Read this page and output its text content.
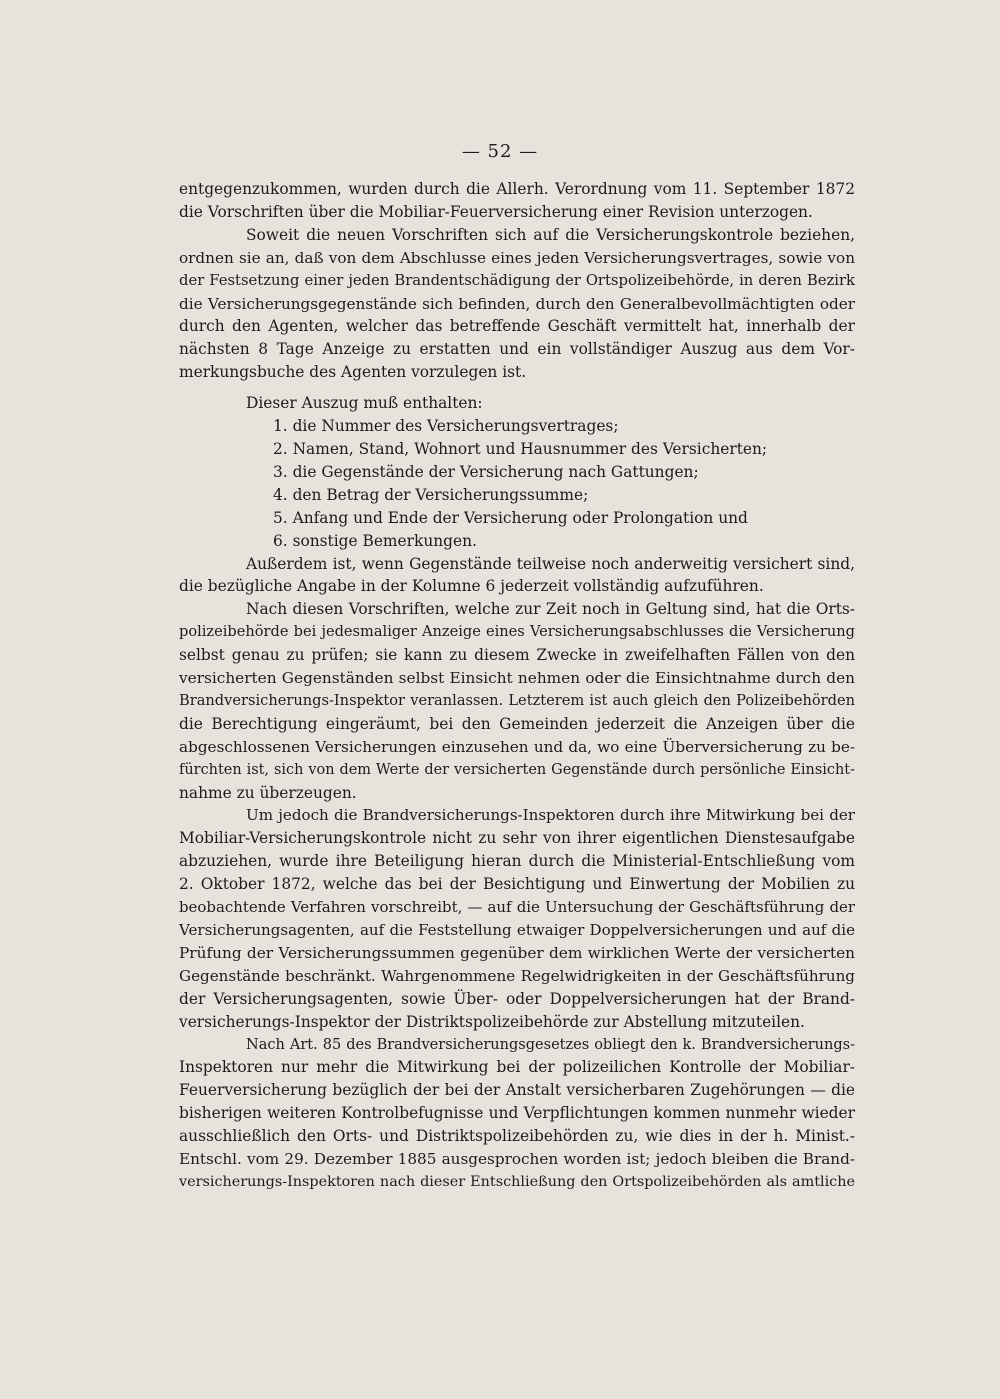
— 52 —
entgegenzukommen, wurden durch die Allerh. Verordnung vom 11. September 1872
die Vorschriften über die Mobiliar-Feuerversicherung einer Revision unterzogen.
Soweit die neuen Vorschriften sich auf die Versicherungskontrole beziehen,
ordnen sie an, daß von dem Abschlusse eines jeden Versicherungsvertrages, sowie von
der Festsetzung einer jeden Brandentschädigung der Ortspolizeibehörde, in deren Bezirk
die Versicherungsgegenstände sich befinden, durch den Generalbevollmächtigten oder
durch den Agenten, welcher das betreffende Geschäft vermittelt hat, innerhalb der
nächsten 8 Tage Anzeige zu erstatten und ein vollständiger Auszug aus dem Vor-
merkungsbuche des Agenten vorzulegen ist.
Dieser Auszug muß enthalten:
1. die Nummer des Versicherungsvertrages;
2. Namen, Stand, Wohnort und Hausnummer des Versicherten;
3. die Gegenstände der Versicherung nach Gattungen;
4. den Betrag der Versicherungssumme;
5. Anfang und Ende der Versicherung oder Prolongation und
6. sonstige Bemerkungen.
Außerdem ist, wenn Gegenstände teilweise noch anderweitig versichert sind,
die bezügliche Angabe in der Kolumne 6 jederzeit vollständig aufzuführen.
Nach diesen Vorschriften, welche zur Zeit noch in Geltung sind, hat die Orts-
polizeibehörde bei jedesmaliger Anzeige eines Versicherungsabschlusses die Versicherung
selbst genau zu prüfen; sie kann zu diesem Zwecke in zweifelhaften Fällen von den
versicherten Gegenständen selbst Einsicht nehmen oder die Einsichtnahme durch den
Brandversicherungs-Inspektor veranlassen. Letzterem ist auch gleich den Polizeibehörden
die Berechtigung eingeräumt, bei den Gemeinden jederzeit die Anzeigen über die
abgeschlossenen Versicherungen einzusehen und da, wo eine Überversicherung zu be-
fürchten ist, sich von dem Werte der versicherten Gegenstände durch persönliche Einsicht-
nahme zu überzeugen.
Um jedoch die Brandversicherungs-Inspektoren durch ihre Mitwirkung bei der
Mobiliar-Versicherungskontrole nicht zu sehr von ihrer eigentlichen Dienstesaufgabe
abzuziehen, wurde ihre Beteiligung hieran durch die Ministerial-Entschließung vom
2. Oktober 1872, welche das bei der Besichtigung und Einwertung der Mobilien zu
beobachtende Verfahren vorschreibt, — auf die Untersuchung der Geschäftsführung der
Versicherungsagenten, auf die Feststellung etwaiger Doppelversicherungen und auf die
Prüfung der Versicherungssummen gegenüber dem wirklichen Werte der versicherten
Gegenstände beschränkt. Wahrgenommene Regelwidrigkeiten in der Geschäftsführung
der Versicherungsagenten, sowie Über- oder Doppelversicherungen hat der Brand-
versicherungs-Inspektor der Distriktspolizeibehörde zur Abstellung mitzuteilen.
Nach Art. 85 des Brandversicherungsgesetzes obliegt den k. Brandversicherungs-
Inspektoren nur mehr die Mitwirkung bei der polizeilichen Kontrolle der Mobiliar-
Feuerversicherung bezüglich der bei der Anstalt versicherbaren Zugehörungen — die
bisherigen weiteren Kontrolbefugnisse und Verpflichtungen kommen nunmehr wieder
ausschließlich den Orts- und Distriktspolizeibehörden zu, wie dies in der h. Minist.-
Entschl. vom 29. Dezember 1885 ausgesprochen worden ist; jedoch bleiben die Brand-
versicherungs-Inspektoren nach dieser Entschließung den Ortspolizeibehörden als amtliche
